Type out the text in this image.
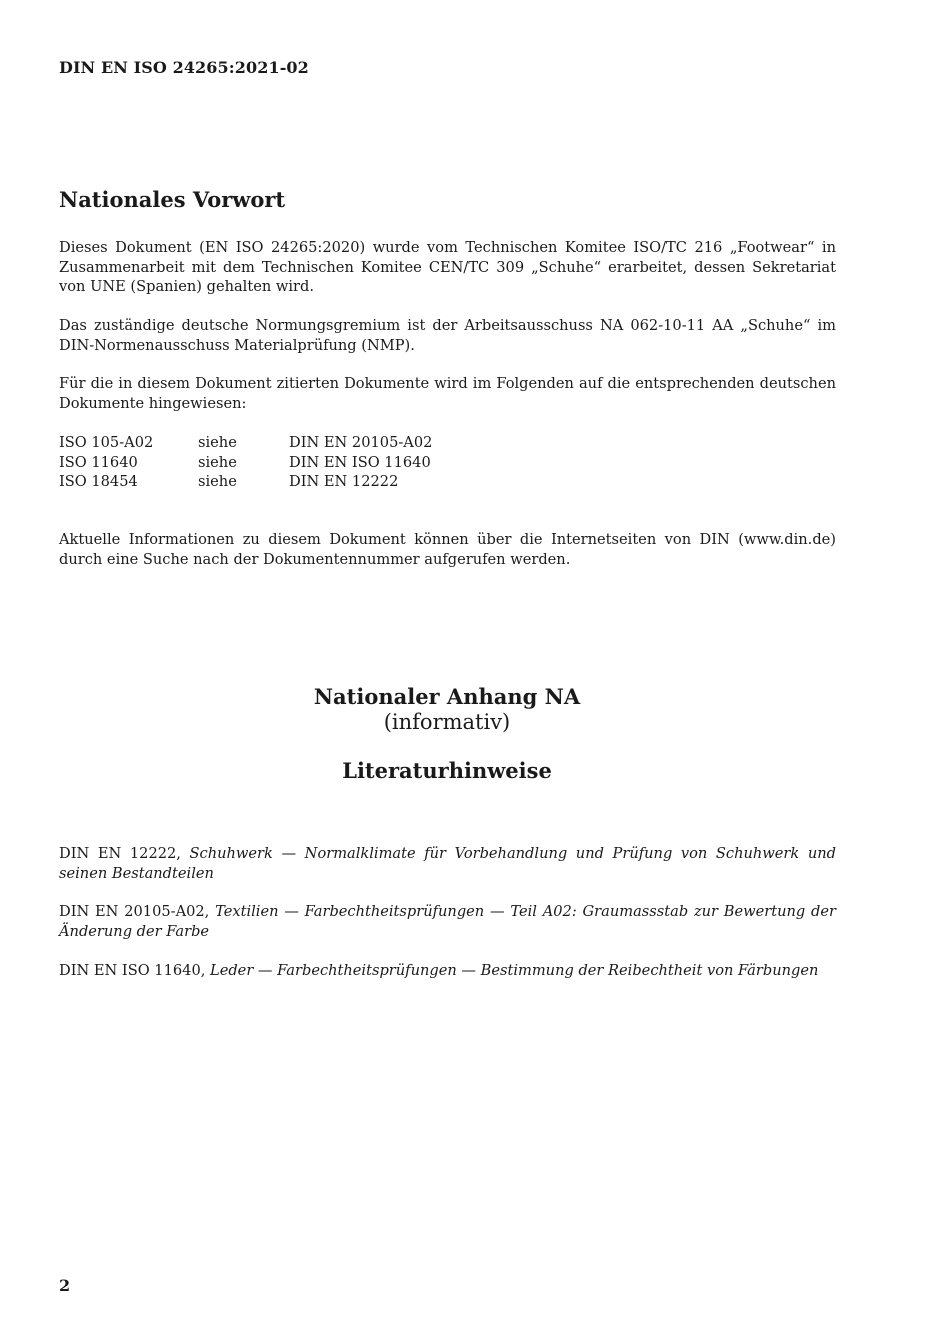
DIN EN ISO 24265:2021-02
Nationales Vorwort

Dieses Dokument (EN ISO 24265:2020) wurde vom Technischen Komitee ISO/TC 216 „Footwear“ in Zusammenarbeit mit dem Technischen Komitee CEN/TC 309 „Schuhe“ erarbeitet, dessen Sekretariat von UNE (Spanien) gehalten wird.

Das zuständige deutsche Normungsgremium ist der Arbeitsausschuss NA 062-10-11 AA „Schuhe“ im DIN-Normenausschuss Materialprüfung (NMP).

Für die in diesem Dokument zitierten Dokumente wird im Folgenden auf die entsprechenden deutschen Dokumente hingewiesen:

ISO 105-A02	siehe	DIN EN 20105-A02
ISO 11640	siehe	DIN EN ISO 11640
ISO 18454	siehe	DIN EN 12222

Aktuelle Informationen zu diesem Dokument können über die Internetseiten von DIN (www.din.de) durch eine Suche nach der Dokumentennummer aufgerufen werden.

Nationaler Anhang NA
(informativ)
Literaturhinweise

DIN EN 12222, Schuhwerk — Normalklimate für Vorbehandlung und Prüfung von Schuhwerk und seinen Bestandteilen

DIN EN 20105-A02, Textilien — Farbechtheitsprüfungen — Teil A02: Graumassstab zur Bewertung der Änderung der Farbe

DIN EN ISO 11640, Leder — Farbechtheitsprüfungen — Bestimmung der Reibechtheit von Färbungen

2
